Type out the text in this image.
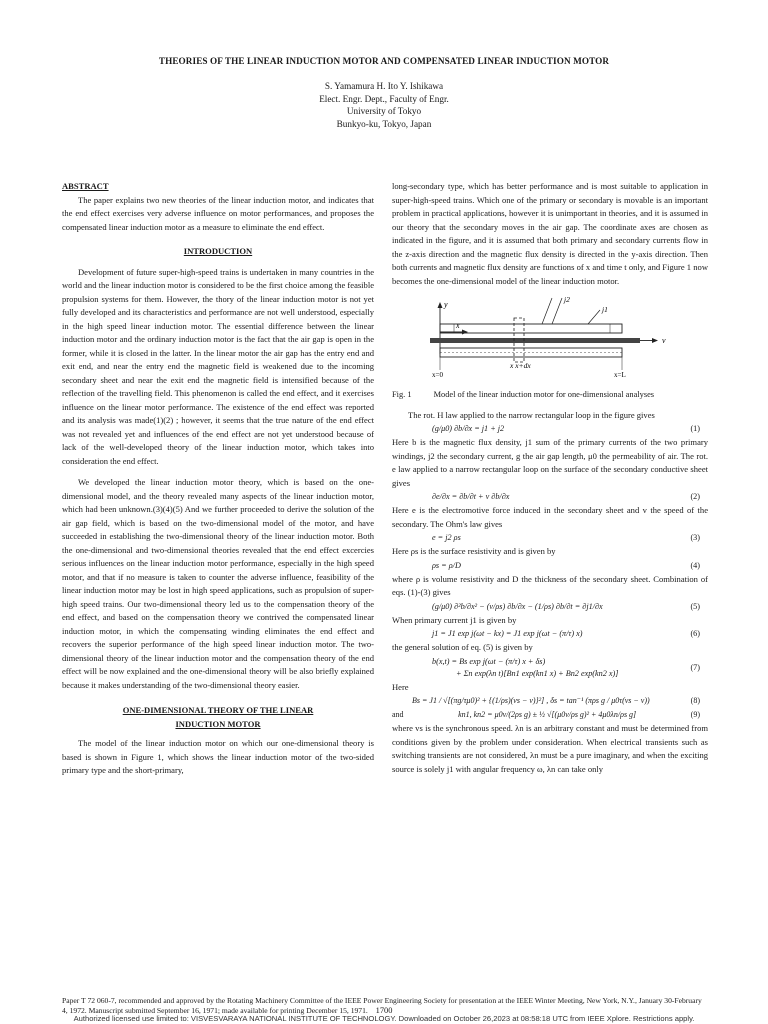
THEORIES OF THE LINEAR INDUCTION MOTOR AND COMPENSATED LINEAR INDUCTION MOTOR
S. Yamamura H. Ito Y. Ishikawa
Elect. Engr. Dept., Faculty of Engr.
University of Tokyo
Bunkyo-ku, Tokyo, Japan
ABSTRACT

The paper explains two new theories of the linear induction motor, and indicates that the end effect exercises very adverse influence on motor performances, and proposes the compensated linear induction motor as a measure to eliminate the end effect.

INTRODUCTION

Development of future super-high-speed trains is undertaken in many countries in the world and the linear induction motor is considered to be the first choice among the feasible propulsion systems for them. However, the thory of the linear induction motor is not yet fully developed and its characteristics and performance are not well understood, especially in the high speed linear induction motor. The essential difference between the linear induction motor and the ordinary induction motor is the fact that the air gap is open in the former, while it is closed in the latter. In the linear motor the air gap has the entry end and exit end, and near the entry end the magnetic field is weakened due to the incoming secondary sheet and near the exit end the magnetic field is intensified because of the reflection of the travelling field. This phenomenon is called the end effect, and it exercises influence on the linear motor performance. The existence of the end effect was reported and its analysis was made(1)(2) ; however, it seems that the true nature of the end effect was not revealed yet and influences of the end effect are not yet understood because of lack of the well-developed theory of the linear induction motor, which takes into consideration the end effect.

We developed the linear induction motor theory, which is based on the one-dimensional model, and the theory revealed many aspects of the linear induction motor, which had been unknown.(3)(4)(5) And we further proceeded to derive the solution of the air gap field, which is based on the two-dimensional model of the motor, and have succeeded in establishing the two-dimensional theory of the linear induction motor. Both the one-dimensional and two-dimensional theories revealed that the end effect excercies serious influences on the linear induction motor performance, especially in the high speed motor, and that if no measure is taken to counter the adverse influence, feasibility of the linear induction motor may be lost in high speed applications, such as propulsion of super-high speed trains. Our two-dimensional theory led us to the compensation theory of the end effect, and based on the compensation theory we contrived the compensated linear induction motor, in which the compensating winding eliminates the end effect and recovers the superior performance of the high speed linear induction motor. The two-dimensional theory of the linear induction motor and the compensation theory of the end effect will be now explained and the one-dimensional theory will be also briefly explained because it makes understanding of the two-dimensional theory easier.

ONE-DIMENSIONAL THEORY OF THE LINEAR INDUCTION MOTOR

The model of the linear induction motor on which our one-dimensional theory is based is shown in Figure 1, which shows the linear induction motor of the two-sided primary type and the short-primary,

long-secondary type, which has better performance and is most suitable to application in super-high-speed trains. Which one of the primary or secondary is movable is an important problem in practical applications, however it is unimportant in theories, and it is assumed in our theory that the secondary moves in the air gap. The coordinate axes are chosen as indicated in the figure, and it is assumed that both primary and secondary currents flow in the z-axis direction and the magnetic flux density is directed in the y-axis direction. Then both currents and magnetic flux density are functions of x and time t only, and Figure 1 now becomes the one-dimensional model of the linear induction motor.

y
x
v
j2
j1
x x+dx
x=0	x=L
Fig. 1	Model of the linear induction motor for one-dimensional analyses

The rot. H law applied to the narrow rectangular loop in the figure gives

(g/μ0) ∂b/∂x = j1 + j2	(1)

Here b is the magnetic flux density, j1 sum of the primary currents of the two primary windings, j2 the secondary current, g the air gap length, μ0 the permeability of air. The rot. e law applied to a narrow rectangular loop on the surface of the secondary conductive sheet gives

∂e/∂x = ∂b/∂t + v ∂b/∂x	(2)

Here e is the electromotive force induced in the secondary sheet and v the speed of the secondary. The Ohm's law gives

e = j2 ρs	(3)

Here ρs is the surface resistivity and is given by

ρs = ρ/D	(4)

where ρ is volume resistivity and D the thickness of the secondary sheet. Combination of eqs. (1)-(3) gives

(g/μ0) ∂²b/∂x² − (v/ρs) ∂b/∂x − (1/ρs) ∂b/∂t = ∂j1/∂x	(5)

When primary current j1 is given by

j1 = J1 exp j(ωt − kx) = J1 exp j(ωt − (π/τ) x)	(6)

the general solution of eq. (5) is given by

b(x,t) = Bs exp j(ωt − (π/τ) x + δs)
+ Σn exp(λn t)[Bn1 exp(kn1 x) + Bn2 exp(kn2 x)]
(7)

Here

Bs = J1 / √[(πg/τμ0)² + {(1/ρs)(vs − v)}²] , δs = tan⁻¹ (πρs g / μ0τ(vs − v))	(8)
and	kn1, kn2 = μ0v/(2ρs g) ± ½ √[(μ0v/ρs g)² + 4μ0λn/ρs g]	(9)

where vs is the synchronous speed. λn is an arbitrary constant and must be determined from conditions given by the problem under consideration. When electrical transients such as switching transients are not considered, λn must be a pure imaginary, and when the exciting source is solely j1 with angular frequency ω, λn can take only

Paper T 72 060-7, recommended and approved by the Rotating Machinery Committee of the IEEE Power Engineering Society for presentation at the IEEE Winter Meeting, New York, N.Y., January 30-February 4, 1972. Manuscript submitted September 16, 1971; made available for printing December 15, 1971. 1700
Authorized licensed use limited to: VISVESVARAYA NATIONAL INSTITUTE OF TECHNOLOGY. Downloaded on October 26,2023 at 08:58:18 UTC from IEEE Xplore. Restrictions apply.
